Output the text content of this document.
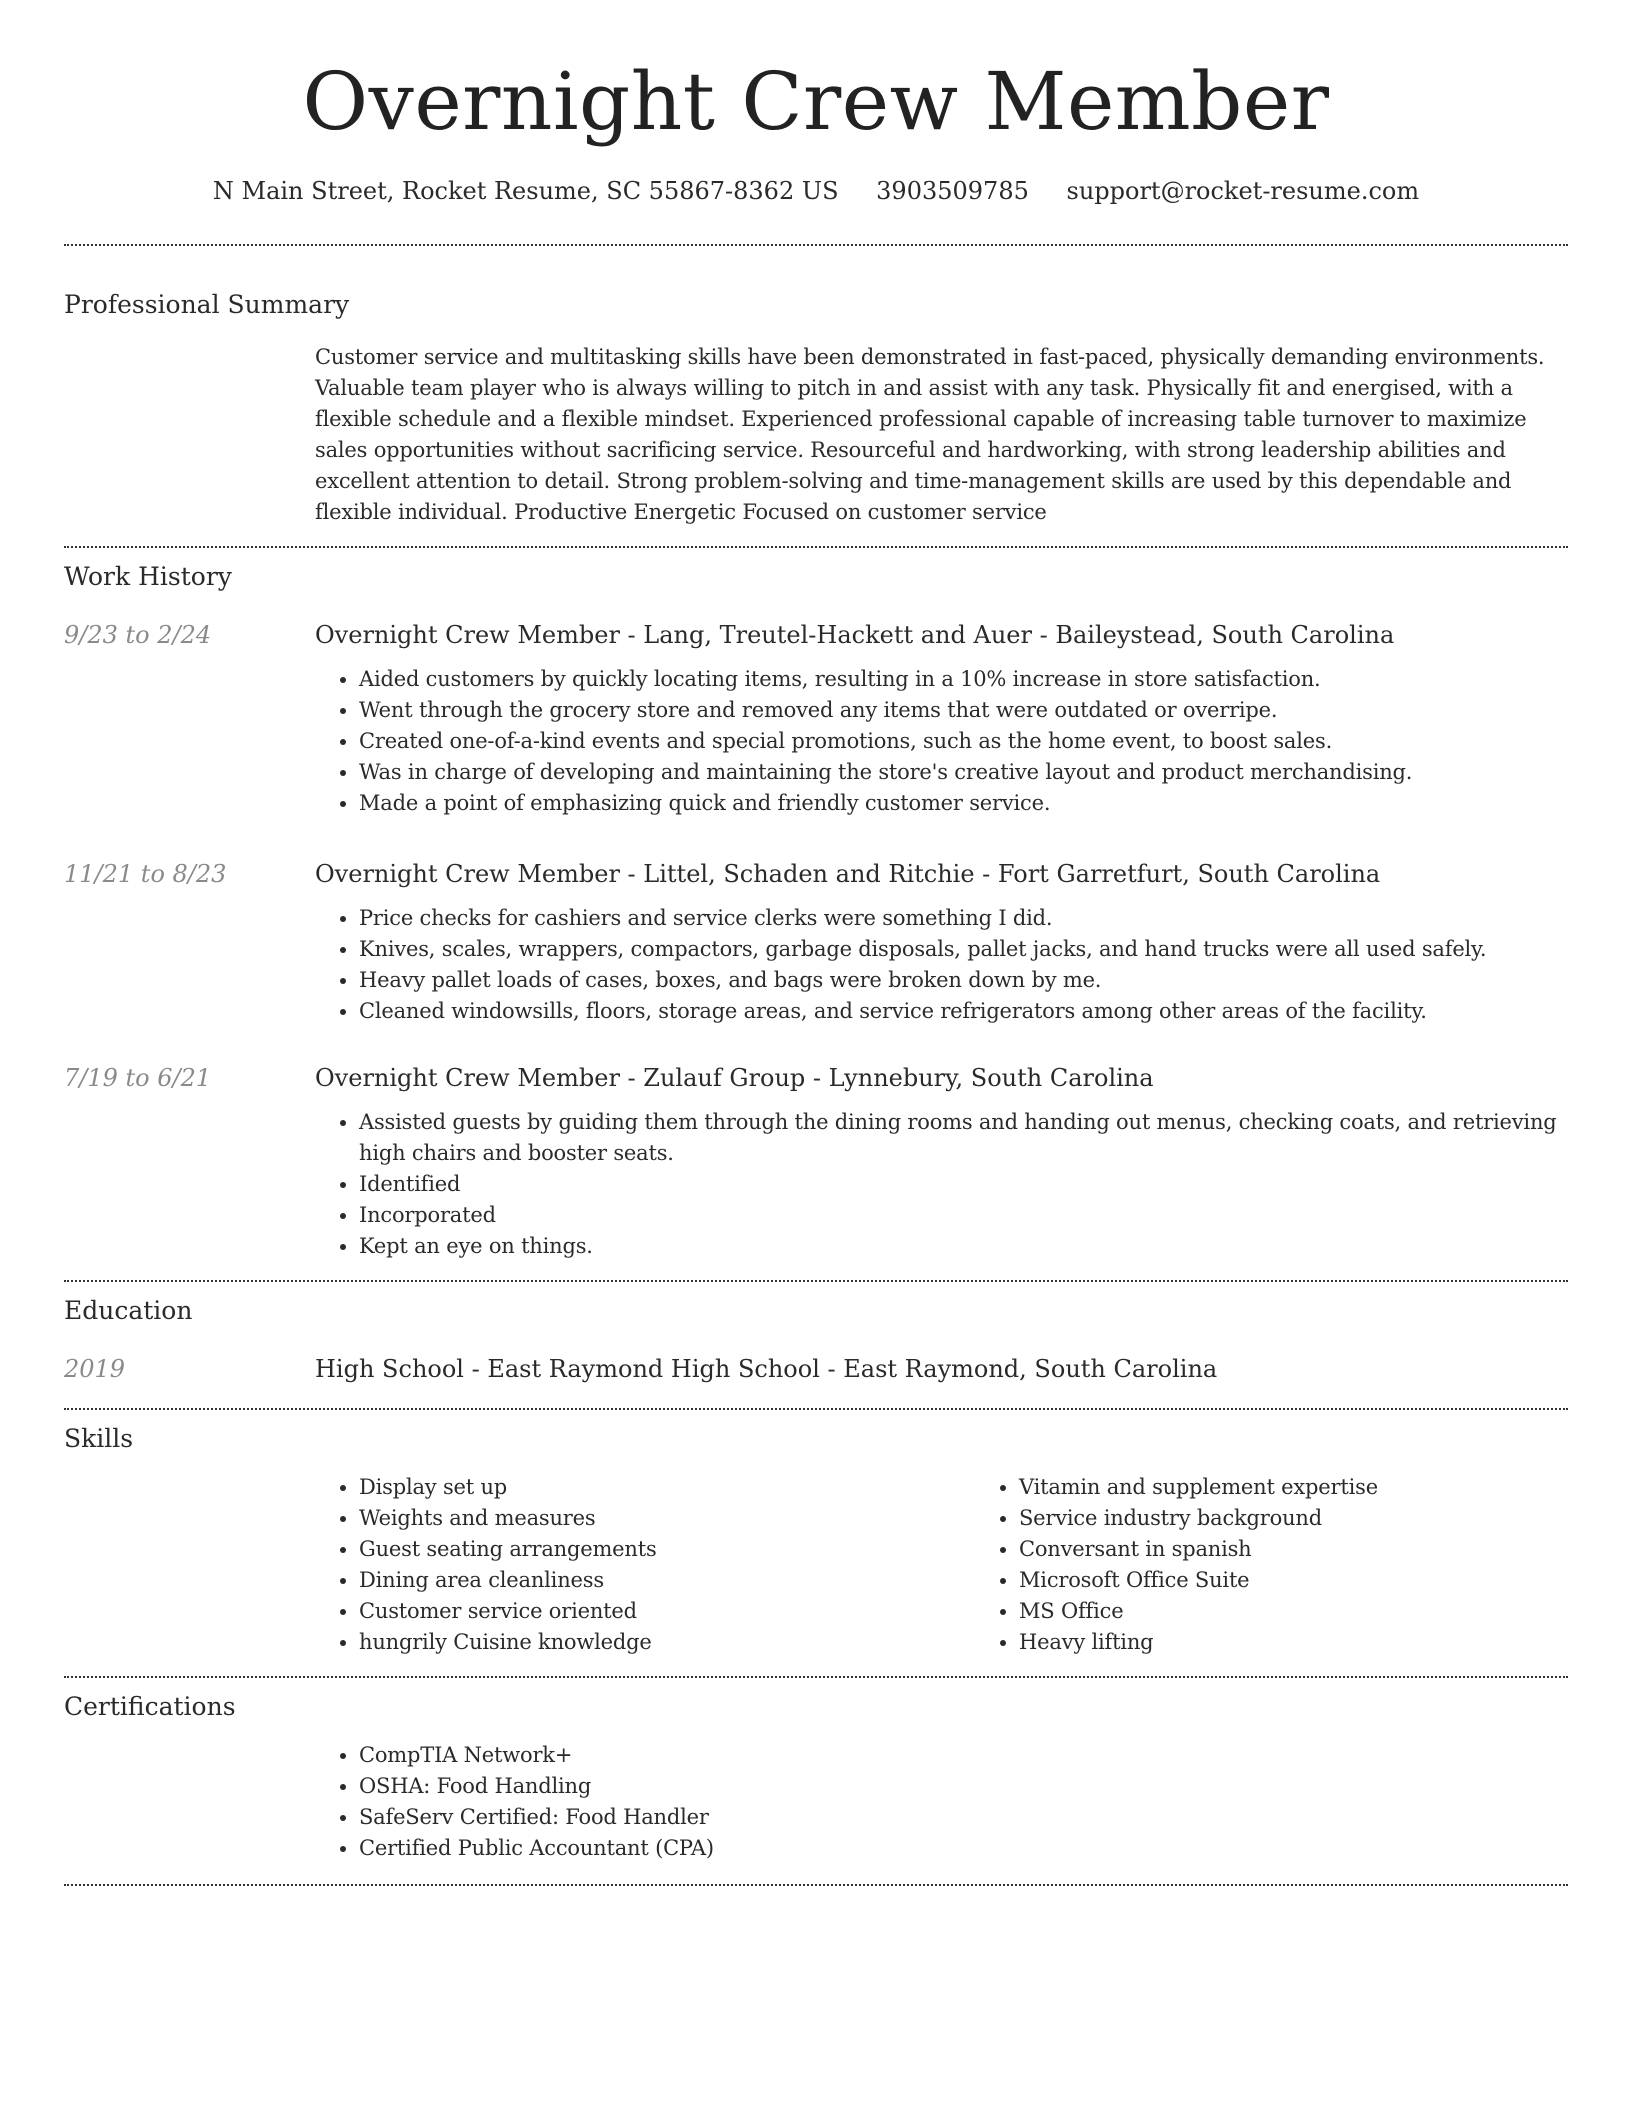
Overnight Crew Member
N Main Street, Rocket Resume, SC 55867-8362 US 3903509785 support@rocket-resume.com
Professional Summary
Customer service and multitasking skills have been demonstrated in fast-paced, physically demanding environments. Valuable team player who is always willing to pitch in and assist with any task. Physically fit and energised, with a flexible schedule and a flexible mindset. Experienced professional capable of increasing table turnover to maximize sales opportunities without sacrificing service. Resourceful and hardworking, with strong leadership abilities and excellent attention to detail. Strong problem-solving and time-management skills are used by this dependable and flexible individual. Productive Energetic Focused on customer service
Work History
9/23 to 2/24	Overnight Crew Member - Lang, Treutel-Hackett and Auer - Baileystead, South Carolina
• Aided customers by quickly locating items, resulting in a 10% increase in store satisfaction.
• Went through the grocery store and removed any items that were outdated or overripe.
• Created one-of-a-kind events and special promotions, such as the home event, to boost sales.
• Was in charge of developing and maintaining the store's creative layout and product merchandising.
• Made a point of emphasizing quick and friendly customer service.
11/21 to 8/23	Overnight Crew Member - Littel, Schaden and Ritchie - Fort Garretfurt, South Carolina
• Price checks for cashiers and service clerks were something I did.
• Knives, scales, wrappers, compactors, garbage disposals, pallet jacks, and hand trucks were all used safely.
• Heavy pallet loads of cases, boxes, and bags were broken down by me.
• Cleaned windowsills, floors, storage areas, and service refrigerators among other areas of the facility.
7/19 to 6/21	Overnight Crew Member - Zulauf Group - Lynnebury, South Carolina
• Assisted guests by guiding them through the dining rooms and handing out menus, checking coats, and retrieving high chairs and booster seats.
• Identified
• Incorporated
• Kept an eye on things.
Education
2019	High School - East Raymond High School - East Raymond, South Carolina
Skills
• Display set up
• Weights and measures
• Guest seating arrangements
• Dining area cleanliness
• Customer service oriented
• hungrily Cuisine knowledge
• Vitamin and supplement expertise
• Service industry background
• Conversant in spanish
• Microsoft Office Suite
• MS Office
• Heavy lifting
Certifications
• CompTIA Network+
• OSHA: Food Handling
• SafeServ Certified: Food Handler
• Certified Public Accountant (CPA)
